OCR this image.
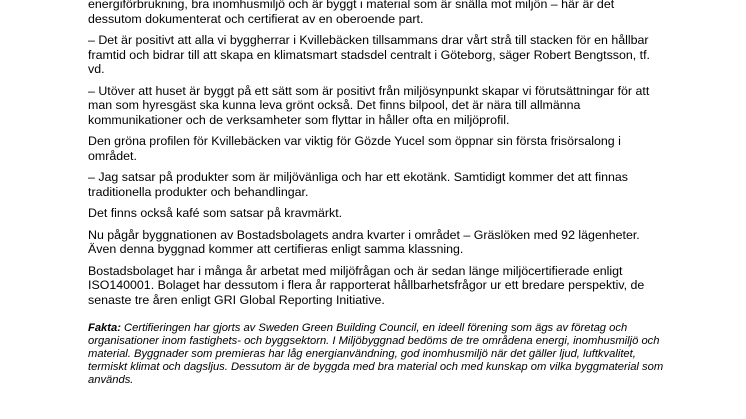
energiförbrukning, bra inomhusmiljö och är byggt i material som är snälla mot miljön – här är det dessutom dokumenterat och certifierat av en oberoende part.

– Det är positivt att alla vi byggherrar i Kvillebäcken tillsammans drar vårt strå till stacken för en hållbar framtid och bidrar till att skapa en klimatsmart stadsdel centralt i Göteborg, säger Robert Bengtsson, tf. vd.

– Utöver att huset är byggt på ett sätt som är positivt från miljösynpunkt skapar vi förutsättningar för att man som hyresgäst ska kunna leva grönt också. Det finns bilpool, det är nära till allmänna kommunikationer och de verksamheter som flyttar in håller ofta en miljöprofil.

Den gröna profilen för Kvillebäcken var viktig för Gözde Yucel som öppnar sin första frisörsalong i området.

– Jag satsar på produkter som är miljövänliga och har ett ekotänk. Samtidigt kommer det att finnas traditionella produkter och behandlingar.

Det finns också kafé som satsar på kravmärkt.

Nu pågår byggnationen av Bostadsbolagets andra kvarter i området – Gräslöken med 92 lägenheter. Även denna byggnad kommer att certifieras enligt samma klassning.

Bostadsbolaget har i många år arbetat med miljöfrågan och är sedan länge miljöcertifierade enligt ISO140001. Bolaget har dessutom i flera år rapporterat hållbarhetsfrågor ur ett bredare perspektiv, de senaste tre åren enligt GRI Global Reporting Initiative.

Fakta: Certifieringen har gjorts av Sweden Green Building Council, en ideell förening som ägs av företag och organisationer inom fastighets- och byggsektorn. I Miljöbyggnad bedöms de tre områdena energi, inomhusmiljö och material. Byggnader som premieras har låg energianvändning, god inomhusmiljö när det gäller ljud, luftkvalitet, termiskt klimat och dagsljus. Dessutom är de byggda med bra material och med kunskap om vilka byggmaterial som används.
